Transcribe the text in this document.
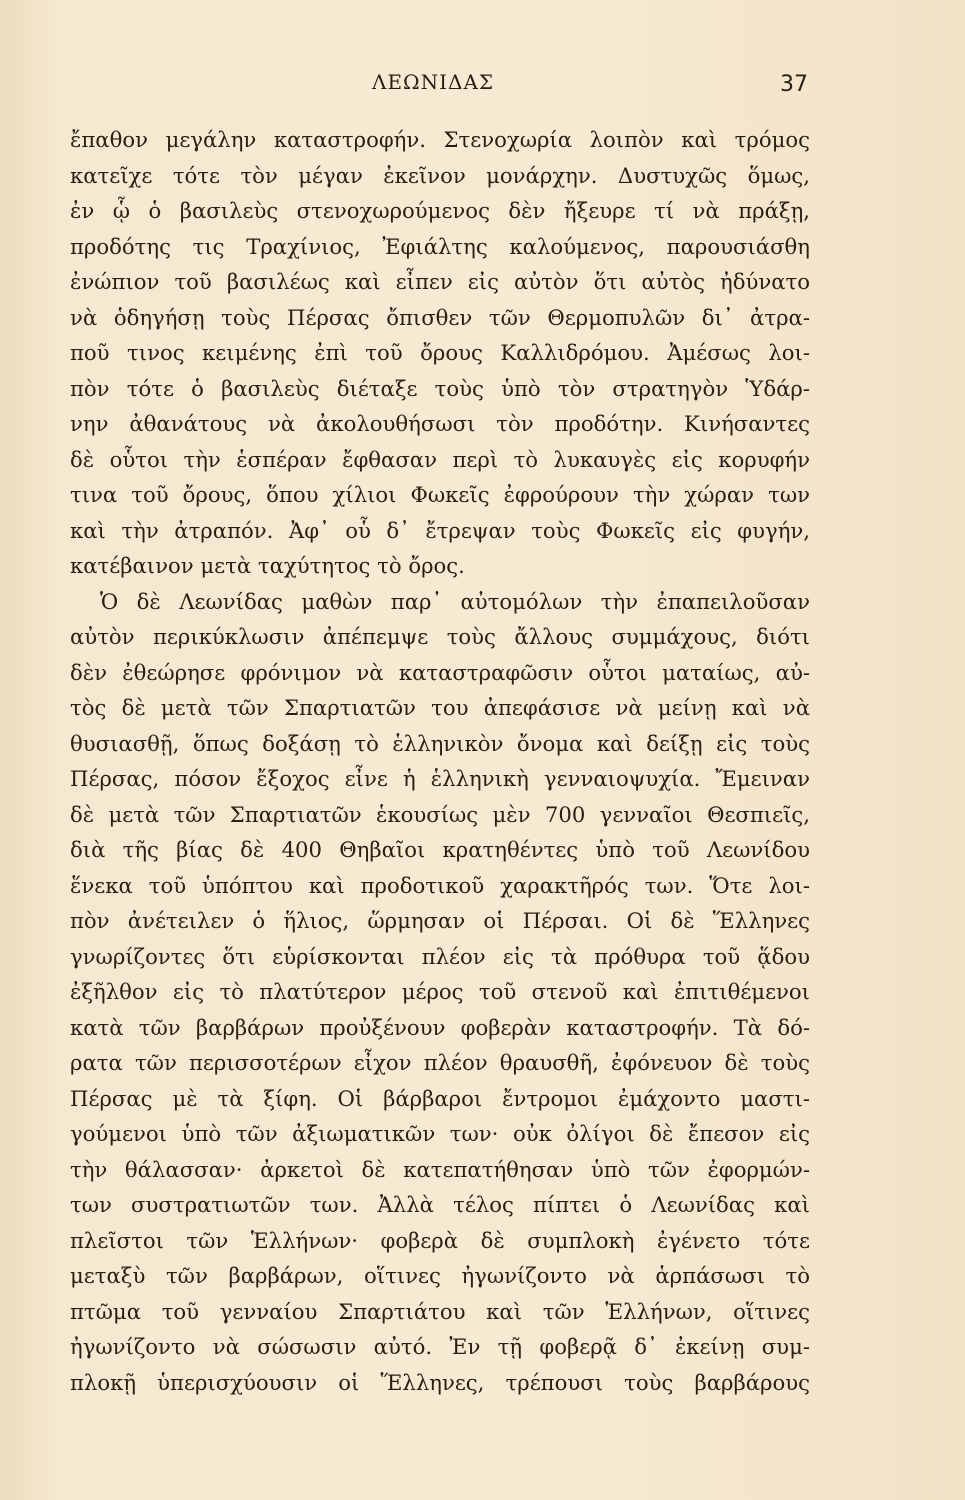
ΛΕΩΝΙΔΑΣ	37
ἔπαθον μεγάλην καταστροφήν. Στενοχωρία λοιπὸν καὶ τρόμος
κατεῖχε τότε τὸν μέγαν ἐκεῖνον μονάρχην. Δυστυχῶς ὅμως,
ἐν ᾧ ὁ βασιλεὺς στενοχωρούμενος δὲν ἤξευρε τί νὰ πράξῃ,
προδότης τις Τραχίνιος, Ἐφιάλτης καλούμενος, παρουσιάσθη
ἐνώπιον τοῦ βασιλέως καὶ εἶπεν εἰς αὐτὸν ὅτι αὐτὸς ἠδύνατο
νὰ ὁδηγήσῃ τοὺς Πέρσας ὄπισθεν τῶν Θερμοπυλῶν δι᾽ ἀτρα-
ποῦ τινος κειμένης ἐπὶ τοῦ ὄρους Καλλιδρόμου. Ἀμέσως λοι-
πὸν τότε ὁ βασιλεὺς διέταξε τοὺς ὑπὸ τὸν στρατηγὸν Ὑδάρ-
νην ἀθανάτους νὰ ἀκολουθήσωσι τὸν προδότην. Κινήσαντες
δὲ οὗτοι τὴν ἑσπέραν ἔφθασαν περὶ τὸ λυκαυγὲς εἰς κορυφήν
τινα τοῦ ὄρους, ὅπου χίλιοι Φωκεῖς ἐφρούρουν τὴν χώραν των
καὶ τὴν ἀτραπόν. Ἀφ᾽ οὗ δ᾽ ἔτρεψαν τοὺς Φωκεῖς εἰς φυγήν,
κατέβαινον μετὰ ταχύτητος τὸ ὄρος.
Ὁ δὲ Λεωνίδας μαθὼν παρ᾽ αὐτομόλων τὴν ἐπαπειλοῦσαν
αὐτὸν περικύκλωσιν ἀπέπεμψε τοὺς ἄλλους συμμάχους, διότι
δὲν ἐθεώρησε φρόνιμον νὰ καταστραφῶσιν οὗτοι ματαίως, αὐ-
τὸς δὲ μετὰ τῶν Σπαρτιατῶν του ἀπεφάσισε νὰ μείνῃ καὶ νὰ
θυσιασθῇ, ὅπως δοξάσῃ τὸ ἑλληνικὸν ὄνομα καὶ δείξῃ εἰς τοὺς
Πέρσας, πόσον ἔξοχος εἶνε ἡ ἑλληνικὴ γενναιοψυχία. Ἔμειναν
δὲ μετὰ τῶν Σπαρτιατῶν ἑκουσίως μὲν 700 γενναῖοι Θεσπιεῖς,
διὰ τῆς βίας δὲ 400 Θηβαῖοι κρατηθέντες ὑπὸ τοῦ Λεωνίδου
ἕνεκα τοῦ ὑπόπτου καὶ προδοτικοῦ χαρακτῆρός των. Ὅτε λοι-
πὸν ἀνέτειλεν ὁ ἥλιος, ὥρμησαν οἱ Πέρσαι. Οἱ δὲ Ἕλληνες
γνωρίζοντες ὅτι εὑρίσκονται πλέον εἰς τὰ πρόθυρα τοῦ ᾅδου
ἐξῆλθον εἰς τὸ πλατύτερον μέρος τοῦ στενοῦ καὶ ἐπιτιθέμενοι
κατὰ τῶν βαρβάρων προὐξένουν φοβερὰν καταστροφήν. Τὰ δό-
ρατα τῶν περισσοτέρων εἶχον πλέον θραυσθῆ, ἐφόνευον δὲ τοὺς
Πέρσας μὲ τὰ ξίφη. Οἱ βάρβαροι ἔντρομοι ἐμάχοντο μαστι-
γούμενοι ὑπὸ τῶν ἀξιωματικῶν των· οὐκ ὀλίγοι δὲ ἔπεσον εἰς
τὴν θάλασσαν· ἀρκετοὶ δὲ κατεπατήθησαν ὑπὸ τῶν ἐφορμών-
των συστρατιωτῶν των. Ἀλλὰ τέλος πίπτει ὁ Λεωνίδας καὶ
πλεῖστοι τῶν Ἑλλήνων· φοβερὰ δὲ συμπλοκὴ ἐγένετο τότε
μεταξὺ τῶν βαρβάρων, οἵτινες ἠγωνίζοντο νὰ ἁρπάσωσι τὸ
πτῶμα τοῦ γενναίου Σπαρτιάτου καὶ τῶν Ἑλλήνων, οἵτινες
ἠγωνίζοντο νὰ σώσωσιν αὐτό. Ἐν τῇ φοβερᾷ δ᾽ ἐκείνῃ συμ-
πλοκῇ ὑπερισχύουσιν οἱ Ἕλληνες, τρέπουσι τοὺς βαρβάρους
